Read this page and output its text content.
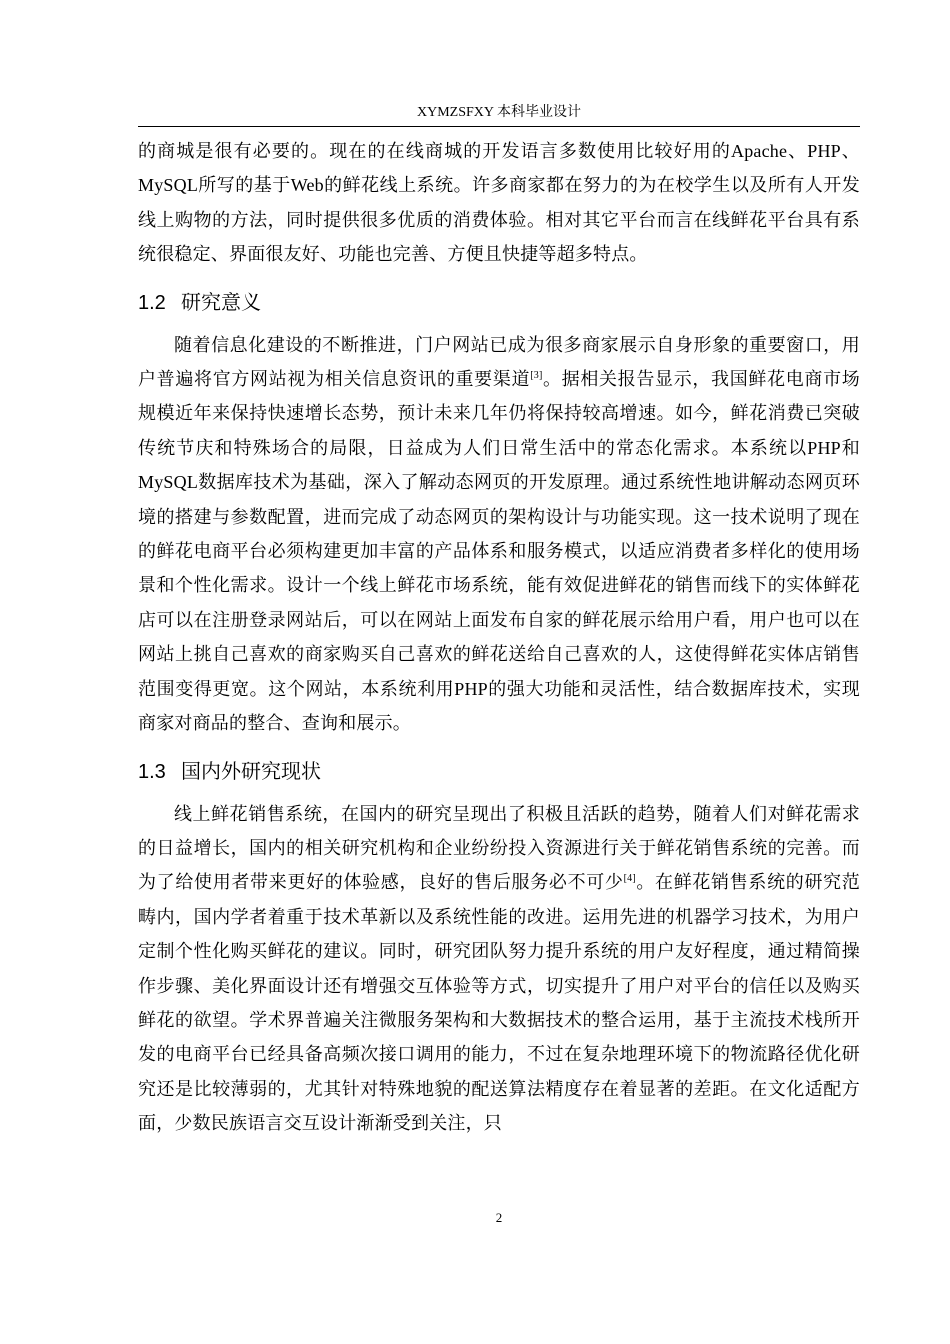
XYMZSFXY 本科毕业设计

的商城是很有必要的。现在的在线商城的开发语言多数使用比较好用的Apache、PHP、MySQL所写的基于Web的鲜花线上系统。许多商家都在努力的为在校学生以及所有人开发线上购物的方法，同时提供很多优质的消费体验。相对其它平台而言在线鲜花平台具有系统很稳定、界面很友好、功能也完善、方便且快捷等超多特点。

1.2 研究意义

随着信息化建设的不断推进，门户网站已成为很多商家展示自身形象的重要窗口，用户普遍将官方网站视为相关信息资讯的重要渠道[3]。据相关报告显示，我国鲜花电商市场规模近年来保持快速增长态势，预计未来几年仍将保持较高增速。如今，鲜花消费已突破传统节庆和特殊场合的局限，日益成为人们日常生活中的常态化需求。本系统以PHP和MySQL数据库技术为基础，深入了解动态网页的开发原理。通过系统性地讲解动态网页环境的搭建与参数配置，进而完成了动态网页的架构设计与功能实现。这一技术说明了现在的鲜花电商平台必须构建更加丰富的产品体系和服务模式，以适应消费者多样化的使用场景和个性化需求。设计一个线上鲜花市场系统，能有效促进鲜花的销售而线下的实体鲜花店可以在注册登录网站后，可以在网站上面发布自家的鲜花展示给用户看，用户也可以在网站上挑自己喜欢的商家购买自己喜欢的鲜花送给自己喜欢的人，这使得鲜花实体店销售范围变得更宽。这个网站，本系统利用PHP的强大功能和灵活性，结合数据库技术，实现商家对商品的整合、查询和展示。

1.3 国内外研究现状

线上鲜花销售系统，在国内的研究呈现出了积极且活跃的趋势，随着人们对鲜花需求的日益增长，国内的相关研究机构和企业纷纷投入资源进行关于鲜花销售系统的完善。而为了给使用者带来更好的体验感，良好的售后服务必不可少[4]。在鲜花销售系统的研究范畴内，国内学者着重于技术革新以及系统性能的改进。运用先进的机器学习技术，为用户定制个性化购买鲜花的建议。同时，研究团队努力提升系统的用户友好程度，通过精简操作步骤、美化界面设计还有增强交互体验等方式，切实提升了用户对平台的信任以及购买鲜花的欲望。学术界普遍关注微服务架构和大数据技术的整合运用，基于主流技术栈所开发的电商平台已经具备高频次接口调用的能力，不过在复杂地理环境下的物流路径优化研究还是比较薄弱的，尤其针对特殊地貌的配送算法精度存在着显著的差距。在文化适配方面，少数民族语言交互设计渐渐受到关注，只

2
